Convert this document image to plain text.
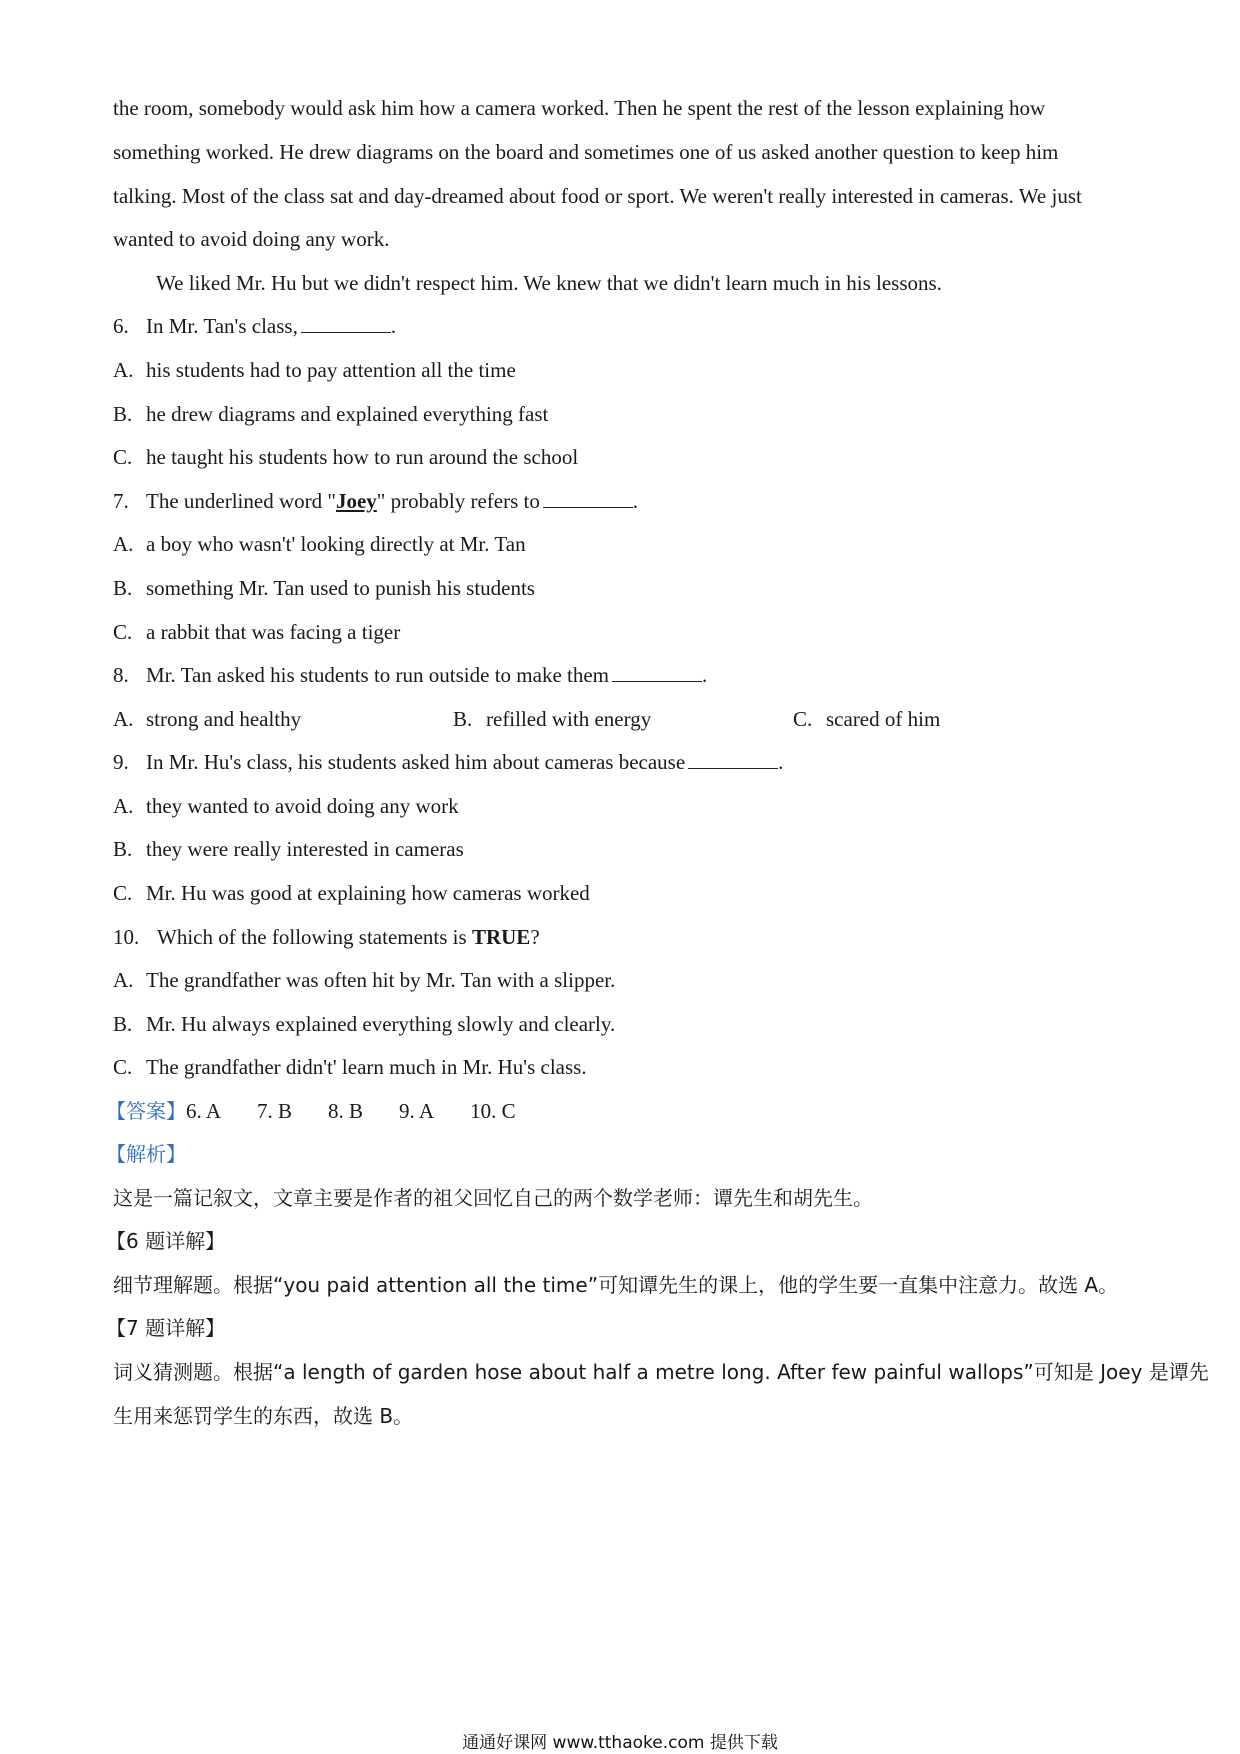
the room, somebody would ask him how a camera worked. Then he spent the rest of the lesson explaining how
something worked. He drew diagrams on the board and sometimes one of us asked another question to keep him
talking. Most of the class sat and day-dreamed about food or sport. We weren't really interested in cameras. We just
wanted to avoid doing any work.
We liked Mr. Hu but we didn't respect him. We knew that we didn't learn much in his lessons.
6. In Mr. Tan's class,	.
A. his students had to pay attention all the time
B. he drew diagrams and explained everything fast
C. he taught his students how to run around the school
7. The underlined word "Joey" probably refers to	.
A. a boy who wasn't' looking directly at Mr. Tan
B. something Mr. Tan used to punish his students
C. a rabbit that was facing a tiger
8. Mr. Tan asked his students to run outside to make them	.
A. strong and healthy	B. refilled with energy	C. scared of him
9. In Mr. Hu's class, his students asked him about cameras because	.
A. they wanted to avoid doing any work
B. they were really interested in cameras
C. Mr. Hu was good at explaining how cameras worked
10. Which of the following statements is TRUE?
A. The grandfather was often hit by Mr. Tan with a slipper.
B. Mr. Hu always explained everything slowly and clearly.
C. The grandfather didn't' learn much in Mr. Hu's class.
【答案】6. A 7. B 8. B 9. A 10. C
【解析】
这是一篇记叙文，文章主要是作者的祖父回忆自己的两个数学老师：谭先生和胡先生。
【6 题详解】
细节理解题。根据“you paid attention all the time”可知谭先生的课上，他的学生要一直集中注意力。故选 A。
【7 题详解】
词义猜测题。根据“a length of garden hose about half a metre long. After few painful wallops”可知是 Joey 是谭先
生用来惩罚学生的东西，故选 B。
通通好课网 www.tthaoke.com 提供下载
